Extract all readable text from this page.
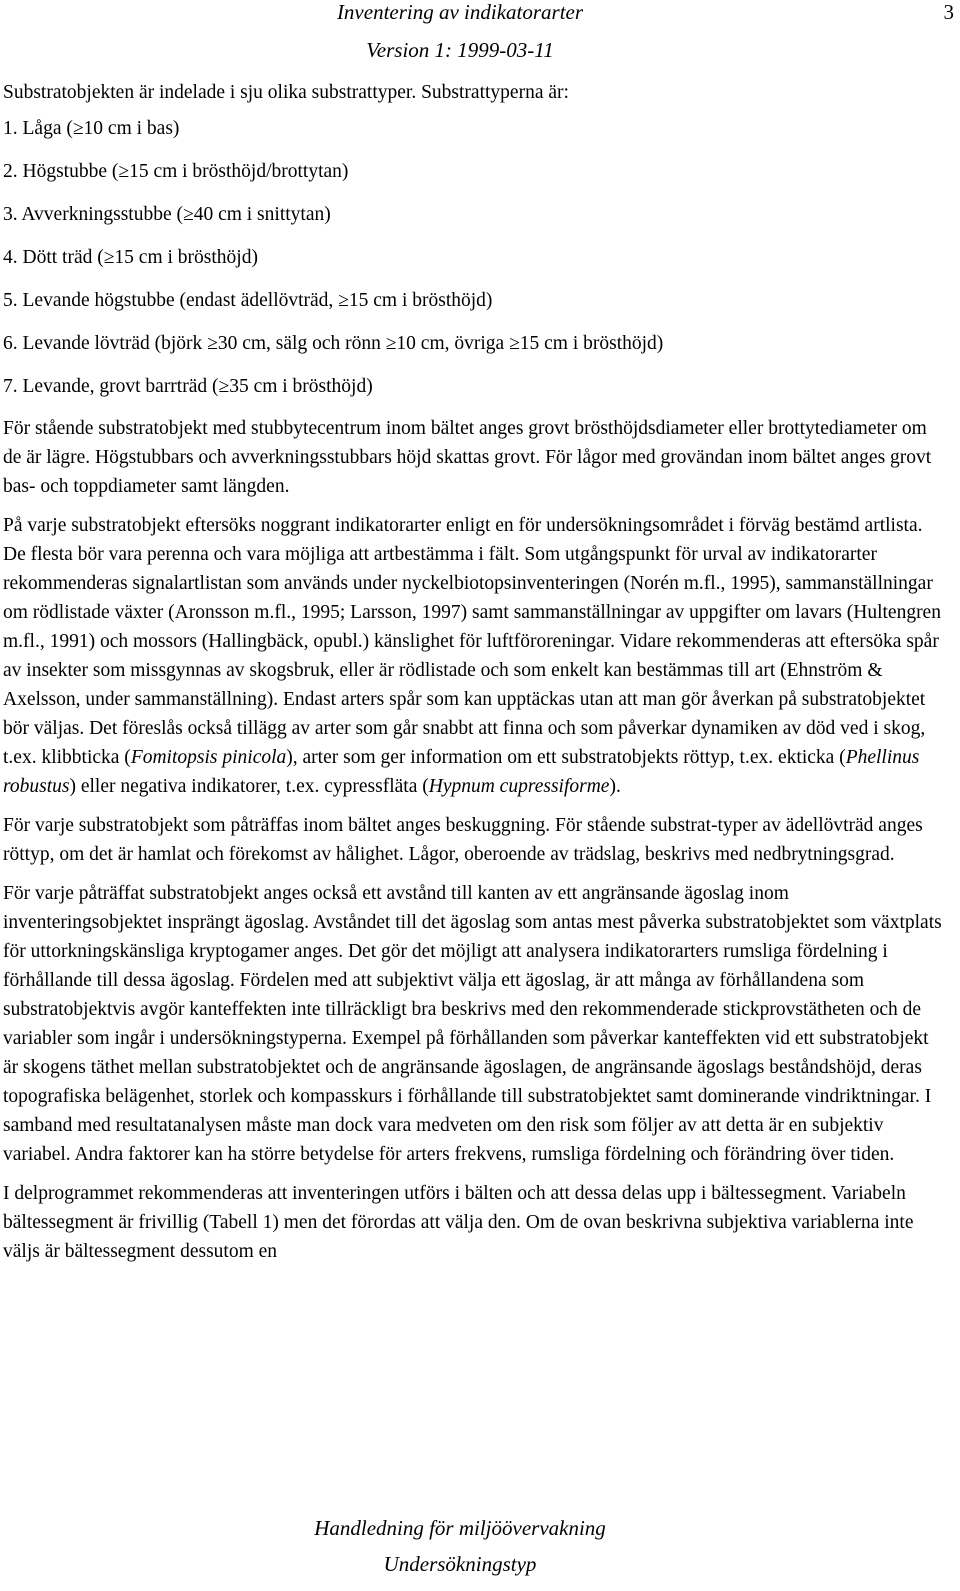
Inventering av indikatorarter
Version 1: 1999-03-11
3

Substratobjekten är indelade i sju olika substrattyper. Substrattyperna är:

1. Låga (≥10 cm i bas)
2. Högstubbe (≥15 cm i brösthöjd/brottytan)
3. Avverkningsstubbe (≥40 cm i snittytan)
4. Dött träd (≥15 cm i brösthöjd)
5. Levande högstubbe (endast ädellövträd, ≥15 cm i brösthöjd)
6. Levande lövträd (björk ≥30 cm, sälg och rönn ≥10 cm, övriga ≥15 cm i brösthöjd)
7. Levande, grovt barrträd (≥35 cm i brösthöjd)

För stående substratobjekt med stubbytecentrum inom bältet anges grovt brösthöjdsdiameter eller brottytediameter om de är lägre. Högstubbars och avverkningsstubbars höjd skattas grovt. För lågor med grovändan inom bältet anges grovt bas- och toppdiameter samt längden.

På varje substratobjekt eftersöks noggrant indikatorarter enligt en för undersökningsområdet i förväg bestämd artlista. De flesta bör vara perenna och vara möjliga att artbestämma i fält. Som utgångspunkt för urval av indikatorarter rekommenderas signalartlistan som används under nyckelbiotopsinventeringen (Norén m.fl., 1995), sammanställningar om rödlistade växter (Aronsson m.fl., 1995; Larsson, 1997) samt sammanställningar av uppgifter om lavars (Hultengren m.fl., 1991) och mossors (Hallingbäck, opubl.) känslighet för luftföroreningar. Vidare rekommenderas att eftersöka spår av insekter som missgynnas av skogsbruk, eller är rödlistade och som enkelt kan bestämmas till art (Ehnström & Axelsson, under sammanställning). Endast arters spår som kan upptäckas utan att man gör åverkan på substratobjektet bör väljas. Det föreslås också tillägg av arter som går snabbt att finna och som påverkar dynamiken av död ved i skog, t.ex. klibbticka (Fomitopsis pinicola), arter som ger information om ett substratobjekts röttyp, t.ex. ekticka (Phellinus robustus) eller negativa indikatorer, t.ex. cypressfläta (Hypnum cupressiforme).

För varje substratobjekt som påträffas inom bältet anges beskuggning. För stående substrat-typer av ädellövträd anges röttyp, om det är hamlat och förekomst av hålighet. Lågor, oberoende av trädslag, beskrivs med nedbrytningsgrad.

För varje påträffat substratobjekt anges också ett avstånd till kanten av ett angränsande ägoslag inom inventeringsobjektet insprängt ägoslag. Avståndet till det ägoslag som antas mest påverka substratobjektet som växtplats för uttorkningskänsliga kryptogamer anges. Det gör det möjligt att analysera indikatorarters rumsliga fördelning i förhållande till dessa ägoslag. Fördelen med att subjektivt välja ett ägoslag, är att många av förhållandena som substratobjektvis avgör kanteffekten inte tillräckligt bra beskrivs med den rekommenderade stickprovstätheten och de variabler som ingår i undersökningstyperna. Exempel på förhållanden som påverkar kanteffekten vid ett substratobjekt är skogens täthet mellan substratobjektet och de angränsande ägoslagen, de angränsande ägoslags beståndshöjd, deras topografiska belägenhet, storlek och kompasskurs i förhållande till substratobjektet samt dominerande vindriktningar. I samband med resultatanalysen måste man dock vara medveten om den risk som följer av att detta är en subjektiv variabel. Andra faktorer kan ha större betydelse för arters frekvens, rumsliga fördelning och förändring över tiden.

I delprogrammet rekommenderas att inventeringen utförs i bälten och att dessa delas upp i bältessegment. Variabeln bältessegment är frivillig (Tabell 1) men det förordas att välja den. Om de ovan beskrivna subjektiva variablerna inte väljs är bältessegment dessutom en

Handledning för miljöövervakning
Undersökningstyp
